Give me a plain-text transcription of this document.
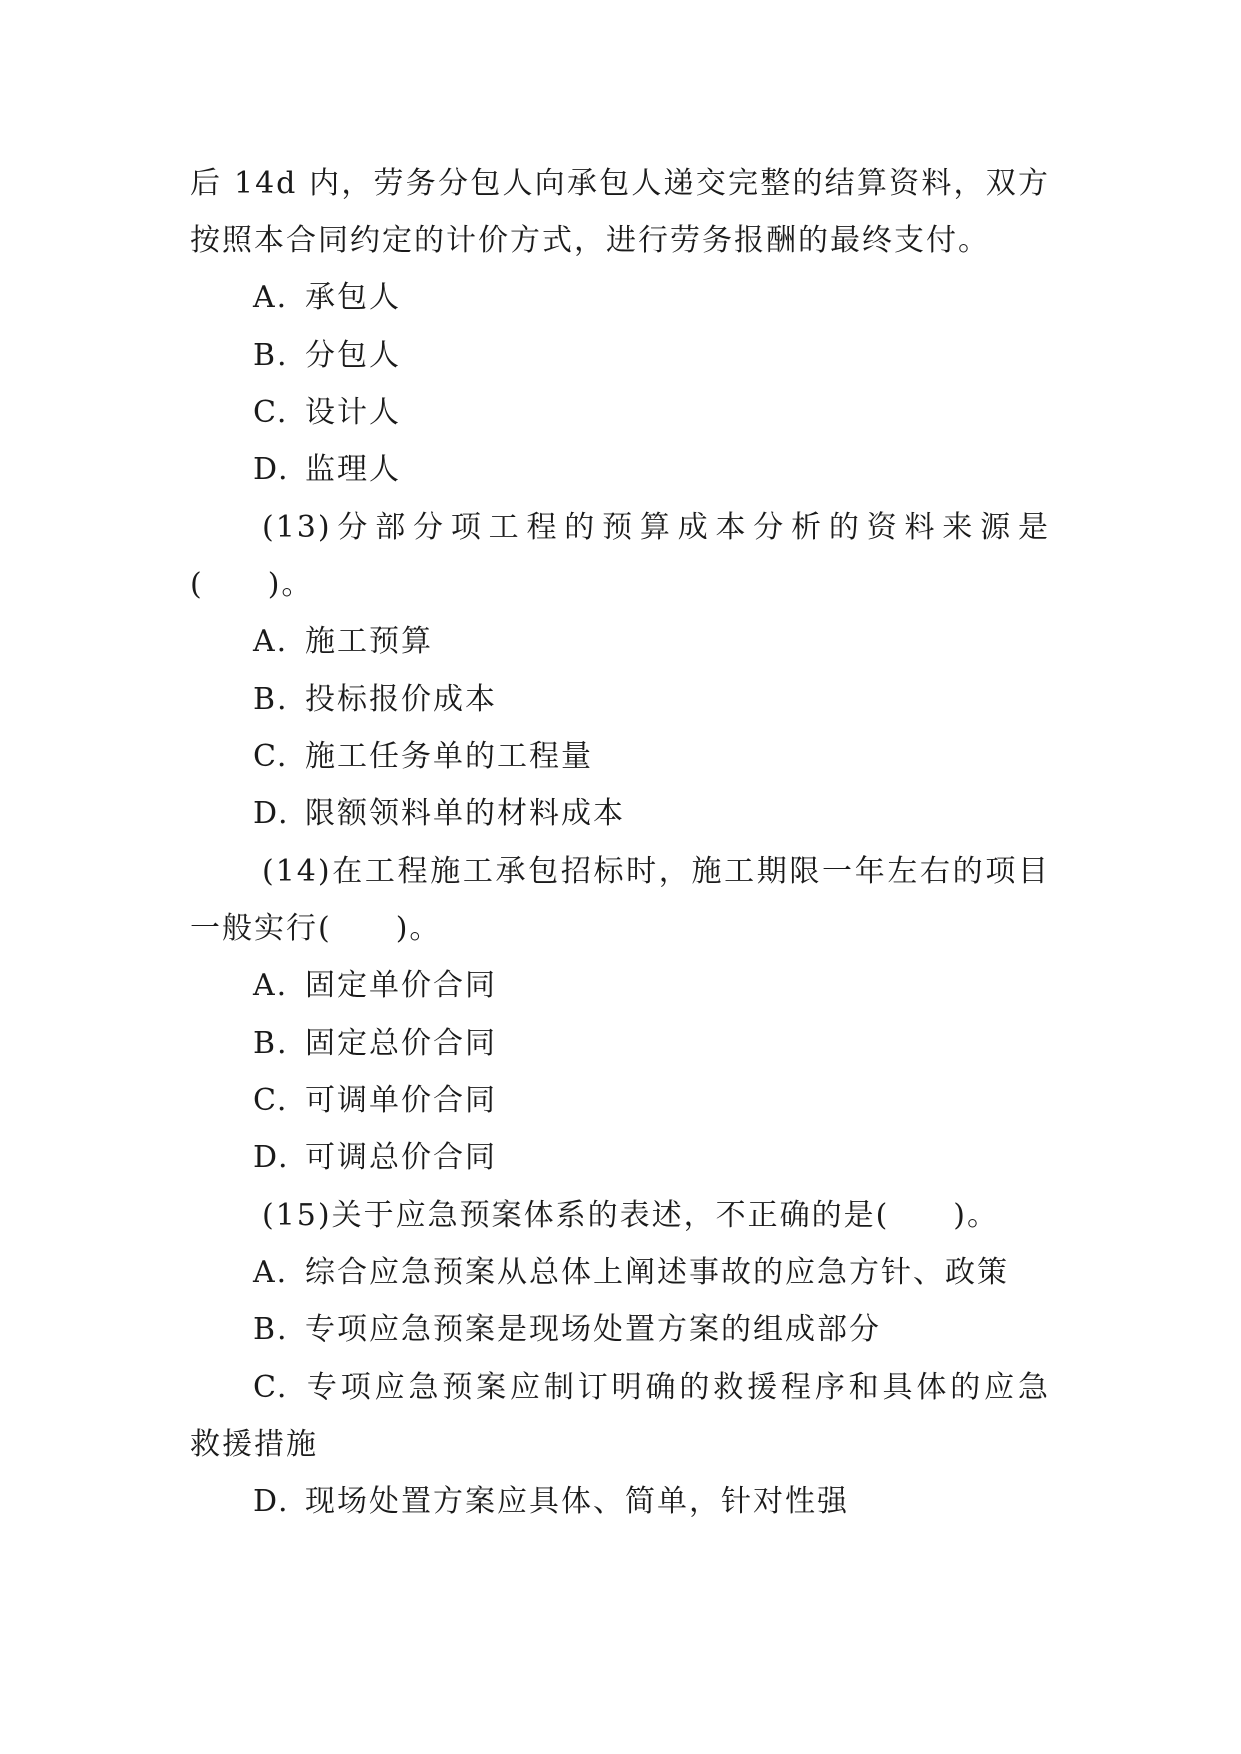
后 14d 内，劳务分包人向承包人递交完整的结算资料，双方
按照本合同约定的计价方式，进行劳务报酬的最终支付。
A. 承包人
B. 分包人
C. 设计人
D. 监理人
(13)分部分项工程的预算成本分析的资料来源是
(　　)。
A. 施工预算
B. 投标报价成本
C. 施工任务单的工程量
D. 限额领料单的材料成本
(14)在工程施工承包招标时，施工期限一年左右的项目
一般实行(　　)。
A. 固定单价合同
B. 固定总价合同
C. 可调单价合同
D. 可调总价合同
(15)关于应急预案体系的表述，不正确的是(　　)。
A. 综合应急预案从总体上阐述事故的应急方针、政策
B. 专项应急预案是现场处置方案的组成部分
C. 专项应急预案应制订明确的救援程序和具体的应急
救援措施
D. 现场处置方案应具体、简单，针对性强
